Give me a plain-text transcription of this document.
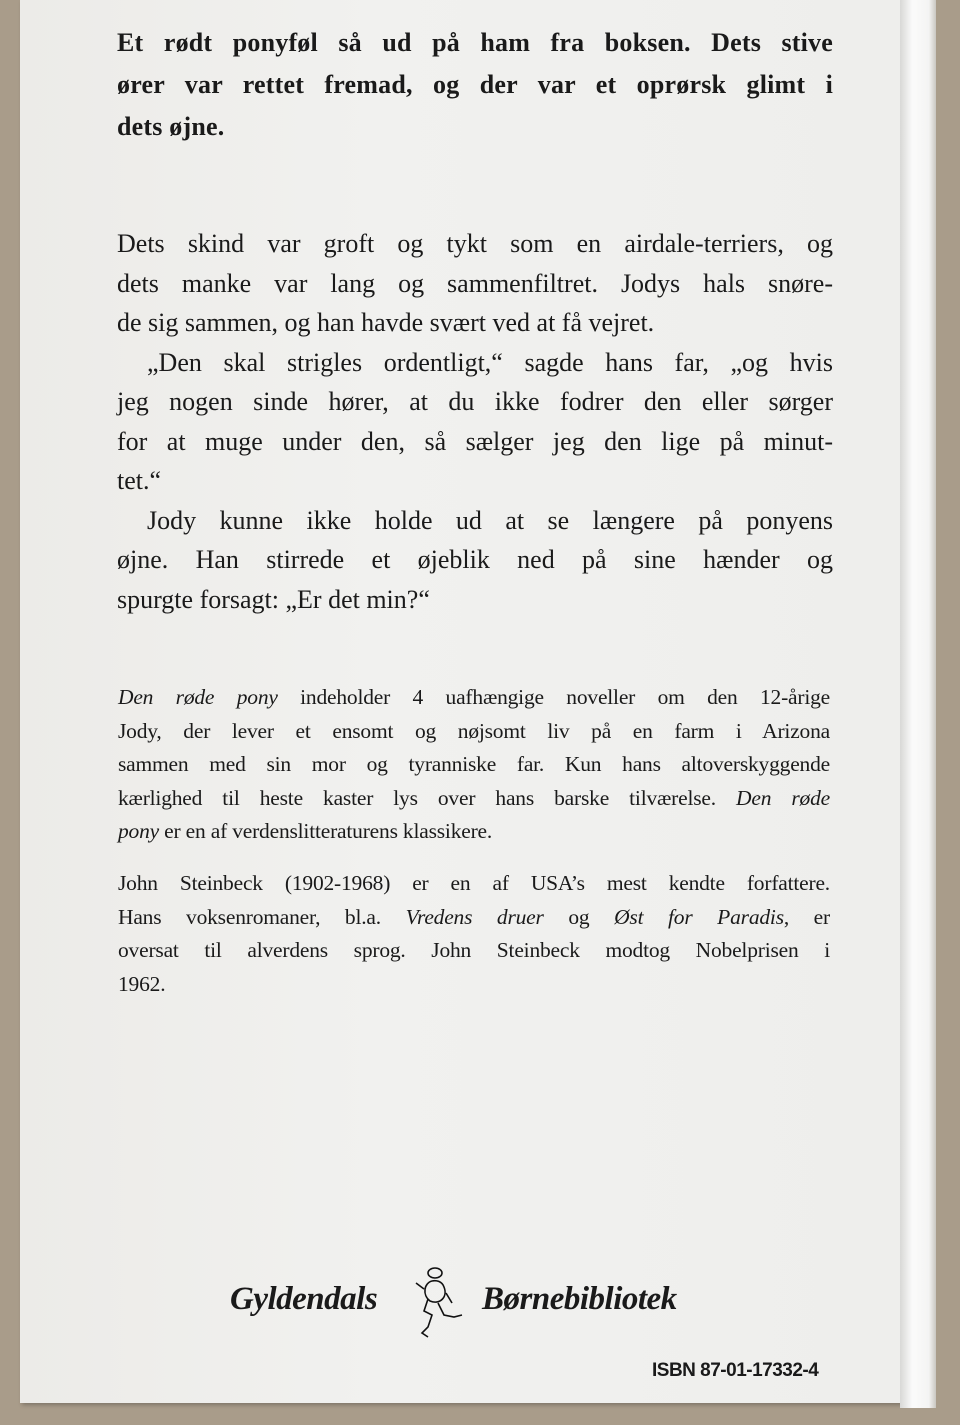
Et rødt ponyføl så ud på ham fra boksen. Dets stive
ører var rettet fremad, og der var et oprørsk glimt i
dets øjne.
Dets skind var groft og tykt som en airdale-terriers, og
dets manke var lang og sammenfiltret. Jodys hals snøre-
de sig sammen, og han havde svært ved at få vejret.
„Den skal strigles ordentligt,“ sagde hans far, „og hvis
jeg nogen sinde hører, at du ikke fodrer den eller sørger
for at muge under den, så sælger jeg den lige på minut-
tet.“
Jody kunne ikke holde ud at se længere på ponyens
øjne. Han stirrede et øjeblik ned på sine hænder og
spurgte forsagt: „Er det min?“
Den røde pony indeholder 4 uafhængige noveller om den 12-årige
Jody, der lever et ensomt og nøjsomt liv på en farm i Arizona
sammen med sin mor og tyranniske far. Kun hans altoverskyggende
kærlighed til heste kaster lys over hans barske tilværelse. Den røde
pony er en af verdenslitteraturens klassikere.
John Steinbeck (1902-1968) er en af USA’s mest kendte forfattere.
Hans voksenromaner, bl.a. Vredens druer og Øst for Paradis, er
oversat til alverdens sprog. John Steinbeck modtog Nobelprisen i
1962.
Gyldendals	Børnebibliotek
ISBN 87-01-17332-4
